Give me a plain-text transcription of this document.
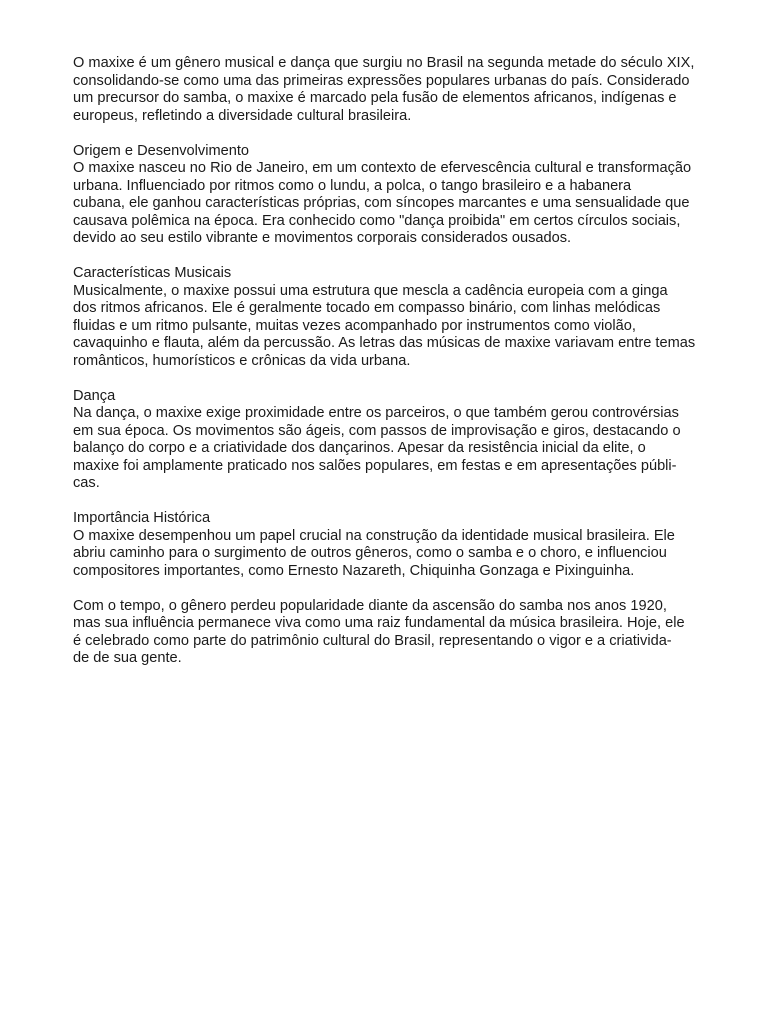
O maxixe é um gênero musical e dança que surgiu no Brasil na segunda metade do século XIX,
consolidando-se como uma das primeiras expressões populares urbanas do país. Considerado
um precursor do samba, o maxixe é marcado pela fusão de elementos africanos, indígenas e
europeus, refletindo a diversidade cultural brasileira.
Origem e Desenvolvimento
O maxixe nasceu no Rio de Janeiro, em um contexto de efervescência cultural e transformação
urbana. Influenciado por ritmos como o lundu, a polca, o tango brasileiro e a habanera
cubana, ele ganhou características próprias, com síncopes marcantes e uma sensualidade que
causava polêmica na época. Era conhecido como "dança proibida" em certos círculos sociais,
devido ao seu estilo vibrante e movimentos corporais considerados ousados.
Características Musicais
Musicalmente, o maxixe possui uma estrutura que mescla a cadência europeia com a ginga
dos ritmos africanos. Ele é geralmente tocado em compasso binário, com linhas melódicas
fluidas e um ritmo pulsante, muitas vezes acompanhado por instrumentos como violão,
cavaquinho e flauta, além da percussão. As letras das músicas de maxixe variavam entre temas
românticos, humorísticos e crônicas da vida urbana.
Dança
Na dança, o maxixe exige proximidade entre os parceiros, o que também gerou controvérsias
em sua época. Os movimentos são ágeis, com passos de improvisação e giros, destacando o
balanço do corpo e a criatividade dos dançarinos. Apesar da resistência inicial da elite, o
maxixe foi amplamente praticado nos salões populares, em festas e em apresentações públi-
cas.
Importância Histórica
O maxixe desempenhou um papel crucial na construção da identidade musical brasileira. Ele
abriu caminho para o surgimento de outros gêneros, como o samba e o choro, e influenciou
compositores importantes, como Ernesto Nazareth, Chiquinha Gonzaga e Pixinguinha.
Com o tempo, o gênero perdeu popularidade diante da ascensão do samba nos anos 1920,
mas sua influência permanece viva como uma raiz fundamental da música brasileira. Hoje, ele
é celebrado como parte do patrimônio cultural do Brasil, representando o vigor e a criativida-
de de sua gente.
